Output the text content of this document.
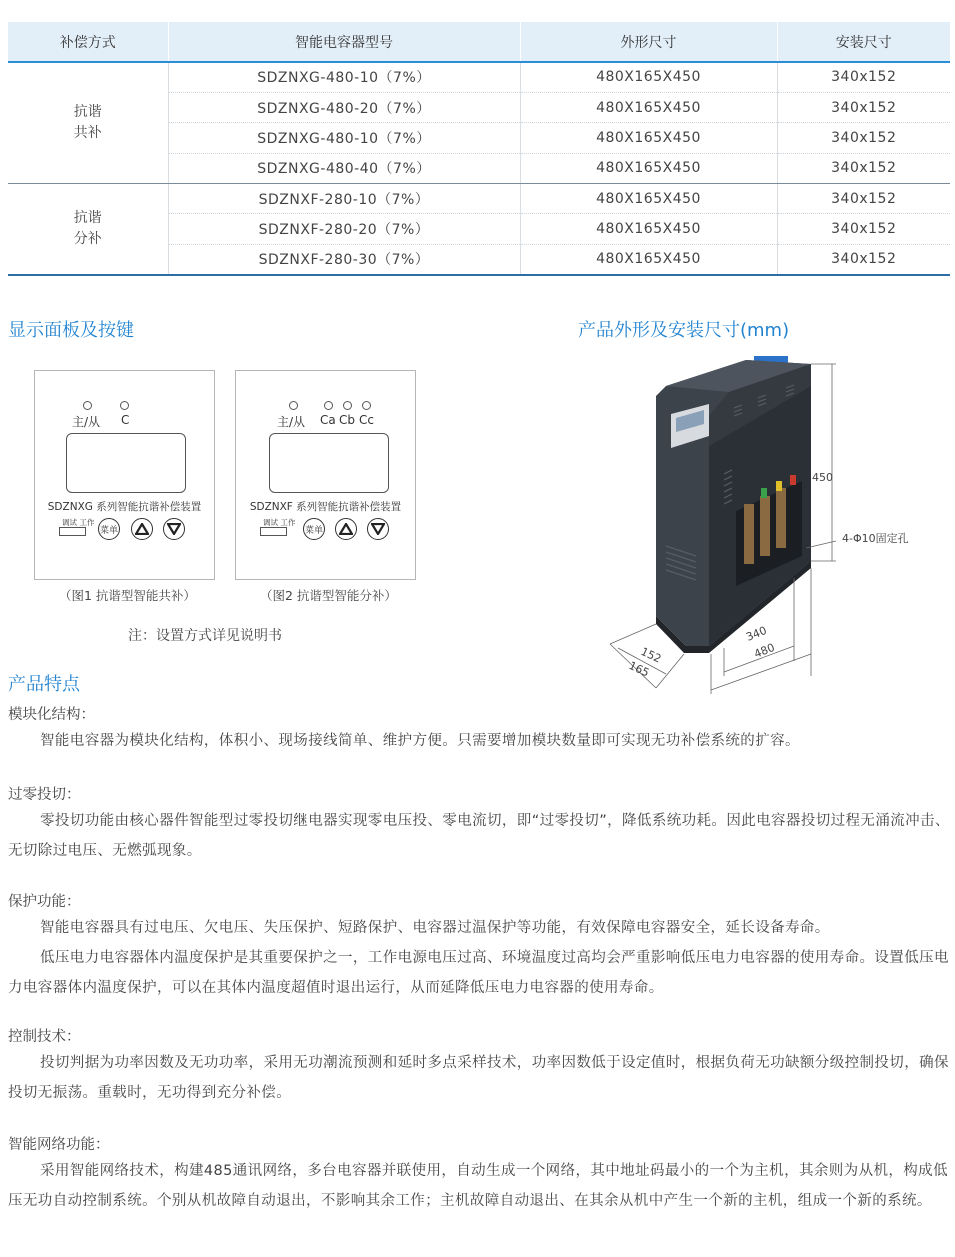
补偿方式	智能电容器型号	外形尺寸	安装尺寸

抗谐
共补	SDZNXG-480-10（7%）	480X165X450	340x152
	SDZNXG-480-20（7%）	480X165X450	340x152
	SDZNXG-480-10（7%）	480X165X450	340x152
	SDZNXG-480-40（7%）	480X165X450	340x152

抗谐
分补	SDZNXF-280-10（7%）	480X165X450	340x152
	SDZNXF-280-20（7%）	480X165X450	340x152
	SDZNXF-280-30（7%）	480X165X450	340x152
显示面板及按键	产品外形及安装尺寸(mm)
主/从 C
SDZNXG 系列智能抗谐补偿装置
调试 工作
菜单
（图1 抗谐型智能共补）
主/从 Ca Cb Cc
SDZNXF 系列智能抗谐补偿装置
调试 工作
菜单
（图2 抗谐型智能分补）
注：设置方式详见说明书
450
4-Φ10固定孔
340
480
152
165
产品特点
模块化结构：
智能电容器为模块化结构，体积小、现场接线简单、维护方便。只需要增加模块数量即可实现无功补偿系统的扩容。
过零投切：
零投切功能由核心器件智能型过零投切继电器实现零电压投、零电流切，即“过零投切”，降低系统功耗。因此电容器投切过程无涌流冲击、无切除过电压、无燃弧现象。
保护功能：
智能电容器具有过电压、欠电压、失压保护、短路保护、电容器过温保护等功能，有效保障电容器安全，延长设备寿命。
低压电力电容器体内温度保护是其重要保护之一，工作电源电压过高、环境温度过高均会严重影响低压电力电容器的使用寿命。设置低压电力电容器体内温度保护，可以在其体内温度超值时退出运行，从而延降低压电力电容器的使用寿命。
控制技术：
投切判据为功率因数及无功功率，采用无功潮流预测和延时多点采样技术，功率因数低于设定值时，根据负荷无功缺额分级控制投切，确保投切无振荡。重载时，无功得到充分补偿。
智能网络功能：
采用智能网络技术，构建485通讯网络，多台电容器并联使用，自动生成一个网络，其中地址码最小的一个为主机，其余则为从机，构成低压无功自动控制系统。个别从机故障自动退出，不影响其余工作；主机故障自动退出、在其余从机中产生一个新的主机，组成一个新的系统。
